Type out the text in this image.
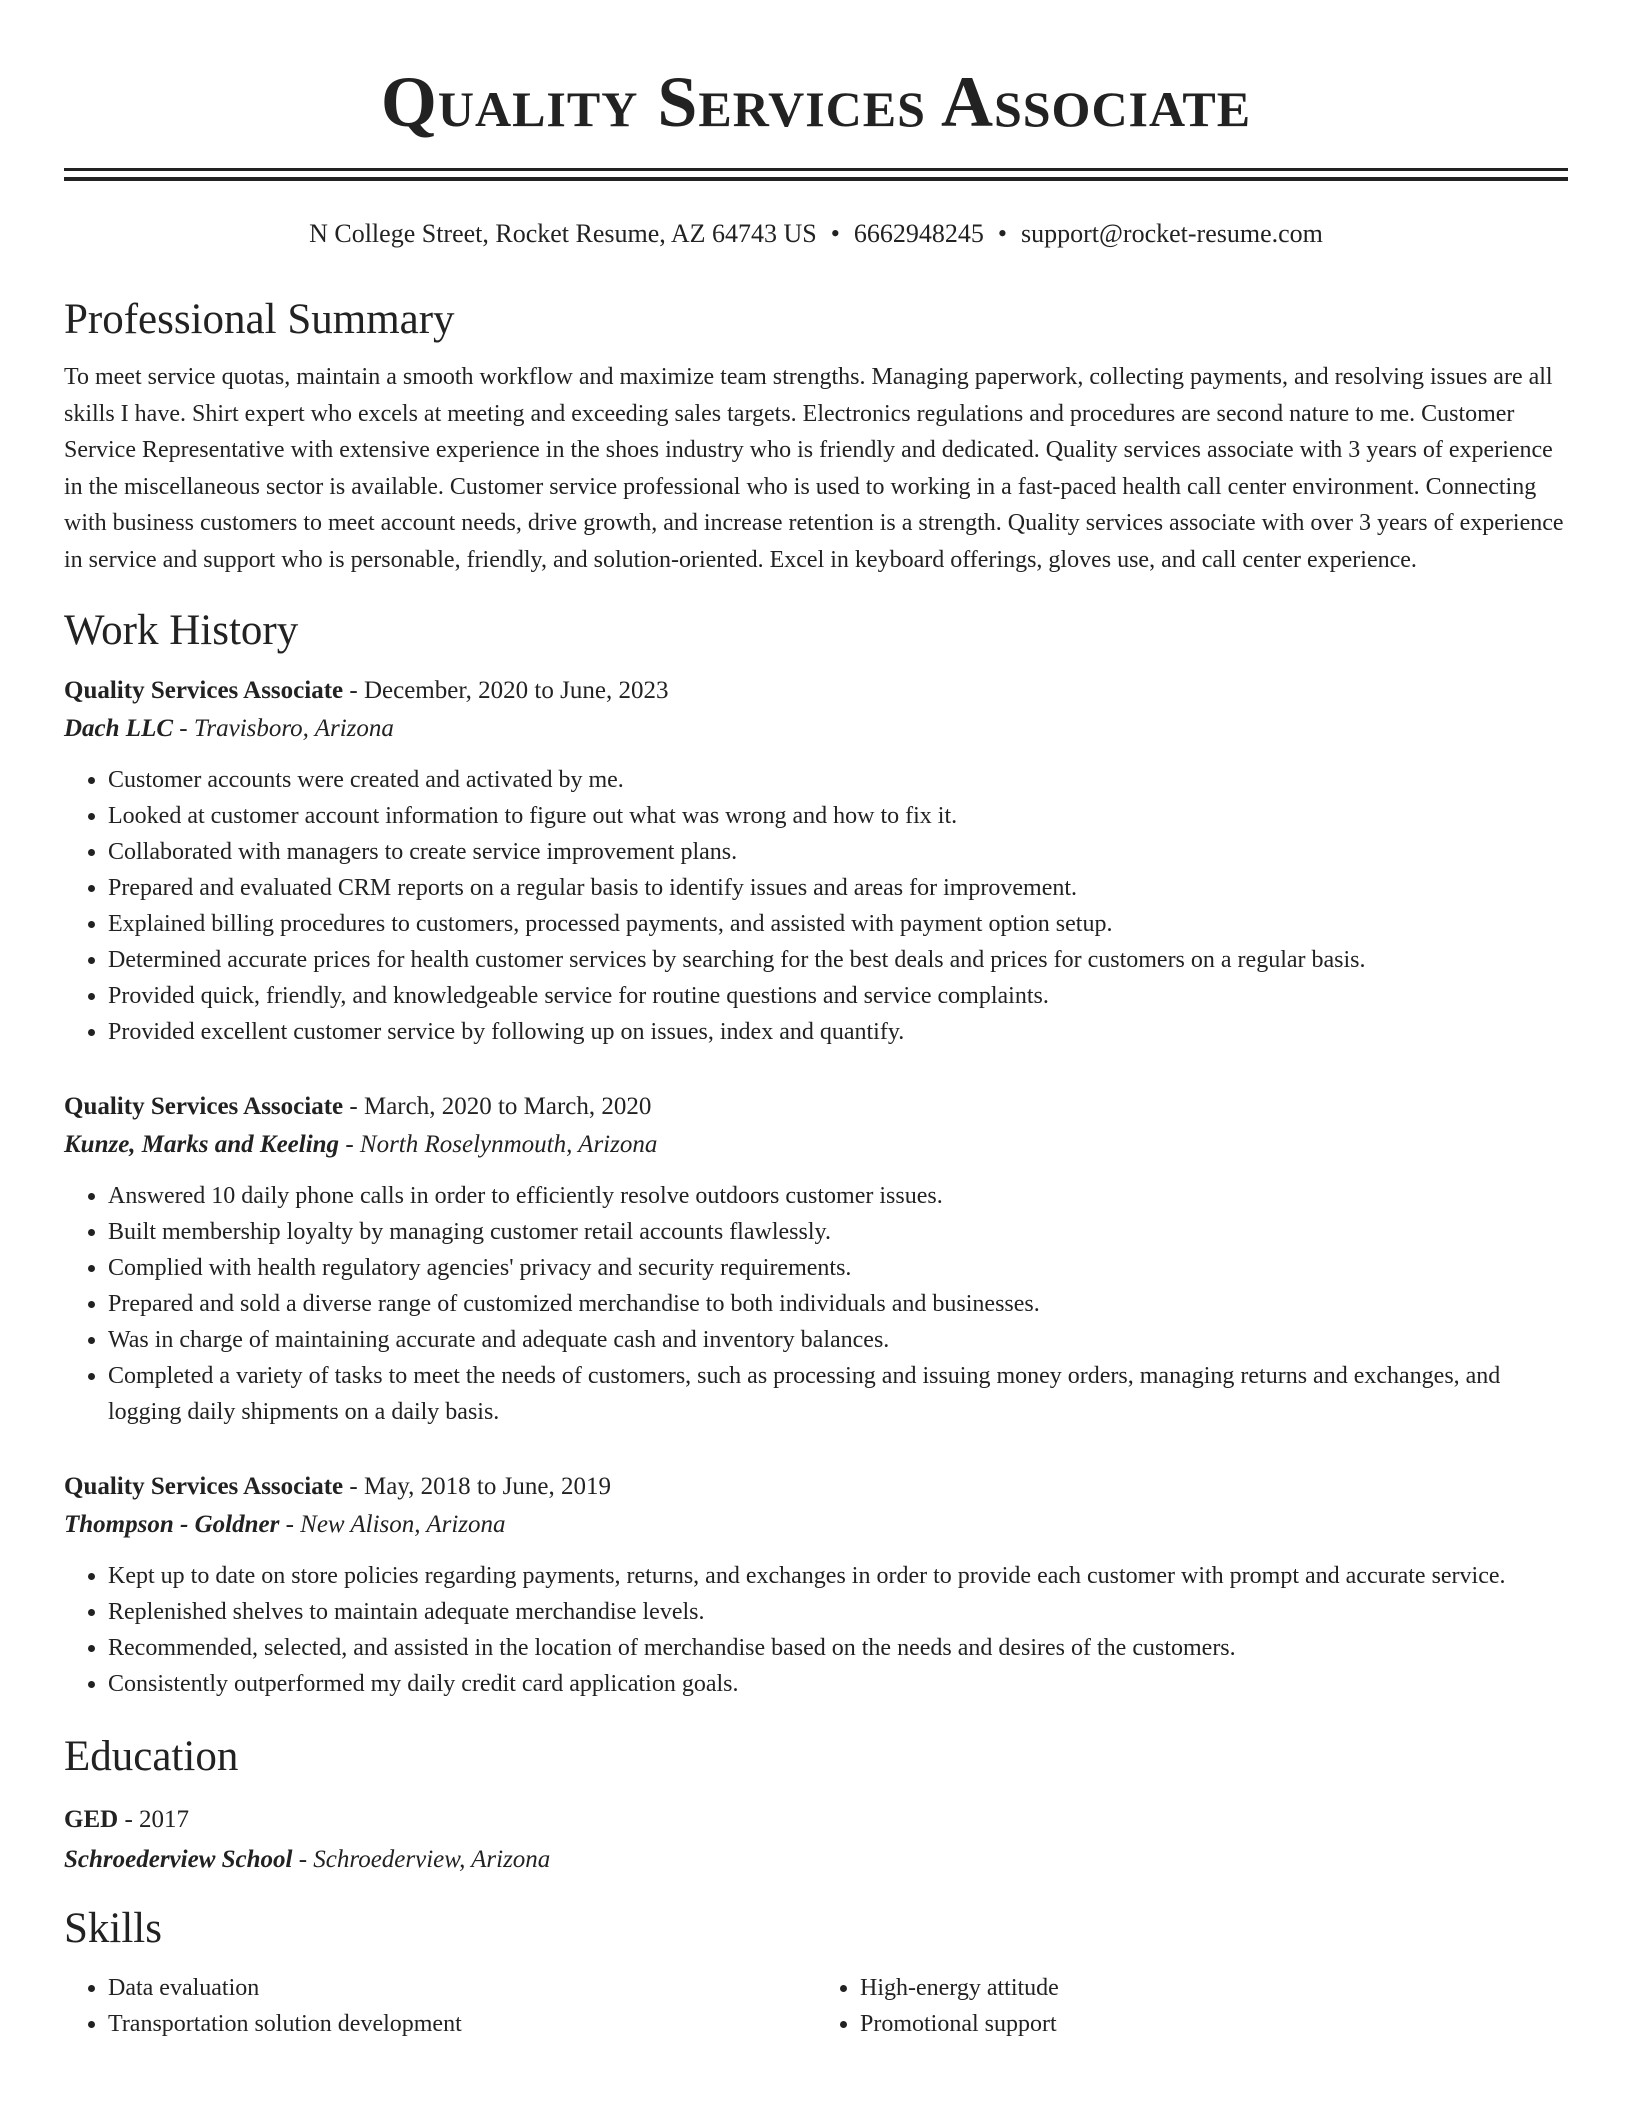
Quality Services Associate
N College Street, Rocket Resume, AZ 64743 US • 6662948245 • support@rocket-resume.com
Professional Summary

To meet service quotas, maintain a smooth workflow and maximize team strengths. Managing paperwork, collecting payments, and resolving issues are all skills I have. Shirt expert who excels at meeting and exceeding sales targets. Electronics regulations and procedures are second nature to me. Customer Service Representative with extensive experience in the shoes industry who is friendly and dedicated. Quality services associate with 3 years of experience in the miscellaneous sector is available. Customer service professional who is used to working in a fast-paced health call center environment. Connecting with business customers to meet account needs, drive growth, and increase retention is a strength. Quality services associate with over 3 years of experience in service and support who is personable, friendly, and solution-oriented. Excel in keyboard offerings, gloves use, and call center experience.

Work History
Quality Services Associate - December, 2020 to June, 2023
Dach LLC - Travisboro, Arizona
• Customer accounts were created and activated by me.
• Looked at customer account information to figure out what was wrong and how to fix it.
• Collaborated with managers to create service improvement plans.
• Prepared and evaluated CRM reports on a regular basis to identify issues and areas for improvement.
• Explained billing procedures to customers, processed payments, and assisted with payment option setup.
• Determined accurate prices for health customer services by searching for the best deals and prices for customers on a regular basis.
• Provided quick, friendly, and knowledgeable service for routine questions and service complaints.
• Provided excellent customer service by following up on issues, index and quantify.
Quality Services Associate - March, 2020 to March, 2020
Kunze, Marks and Keeling - North Roselynmouth, Arizona
• Answered 10 daily phone calls in order to efficiently resolve outdoors customer issues.
• Built membership loyalty by managing customer retail accounts flawlessly.
• Complied with health regulatory agencies' privacy and security requirements.
• Prepared and sold a diverse range of customized merchandise to both individuals and businesses.
• Was in charge of maintaining accurate and adequate cash and inventory balances.
• Completed a variety of tasks to meet the needs of customers, such as processing and issuing money orders, managing returns and exchanges, and logging daily shipments on a daily basis.
Quality Services Associate - May, 2018 to June, 2019
Thompson - Goldner - New Alison, Arizona
• Kept up to date on store policies regarding payments, returns, and exchanges in order to provide each customer with prompt and accurate service.
• Replenished shelves to maintain adequate merchandise levels.
• Recommended, selected, and assisted in the location of merchandise based on the needs and desires of the customers.
• Consistently outperformed my daily credit card application goals.
Education
GED - 2017
Schroederview School - Schroederview, Arizona
Skills
• Data evaluation
• Transportation solution development
• High-energy attitude
• Promotional support
